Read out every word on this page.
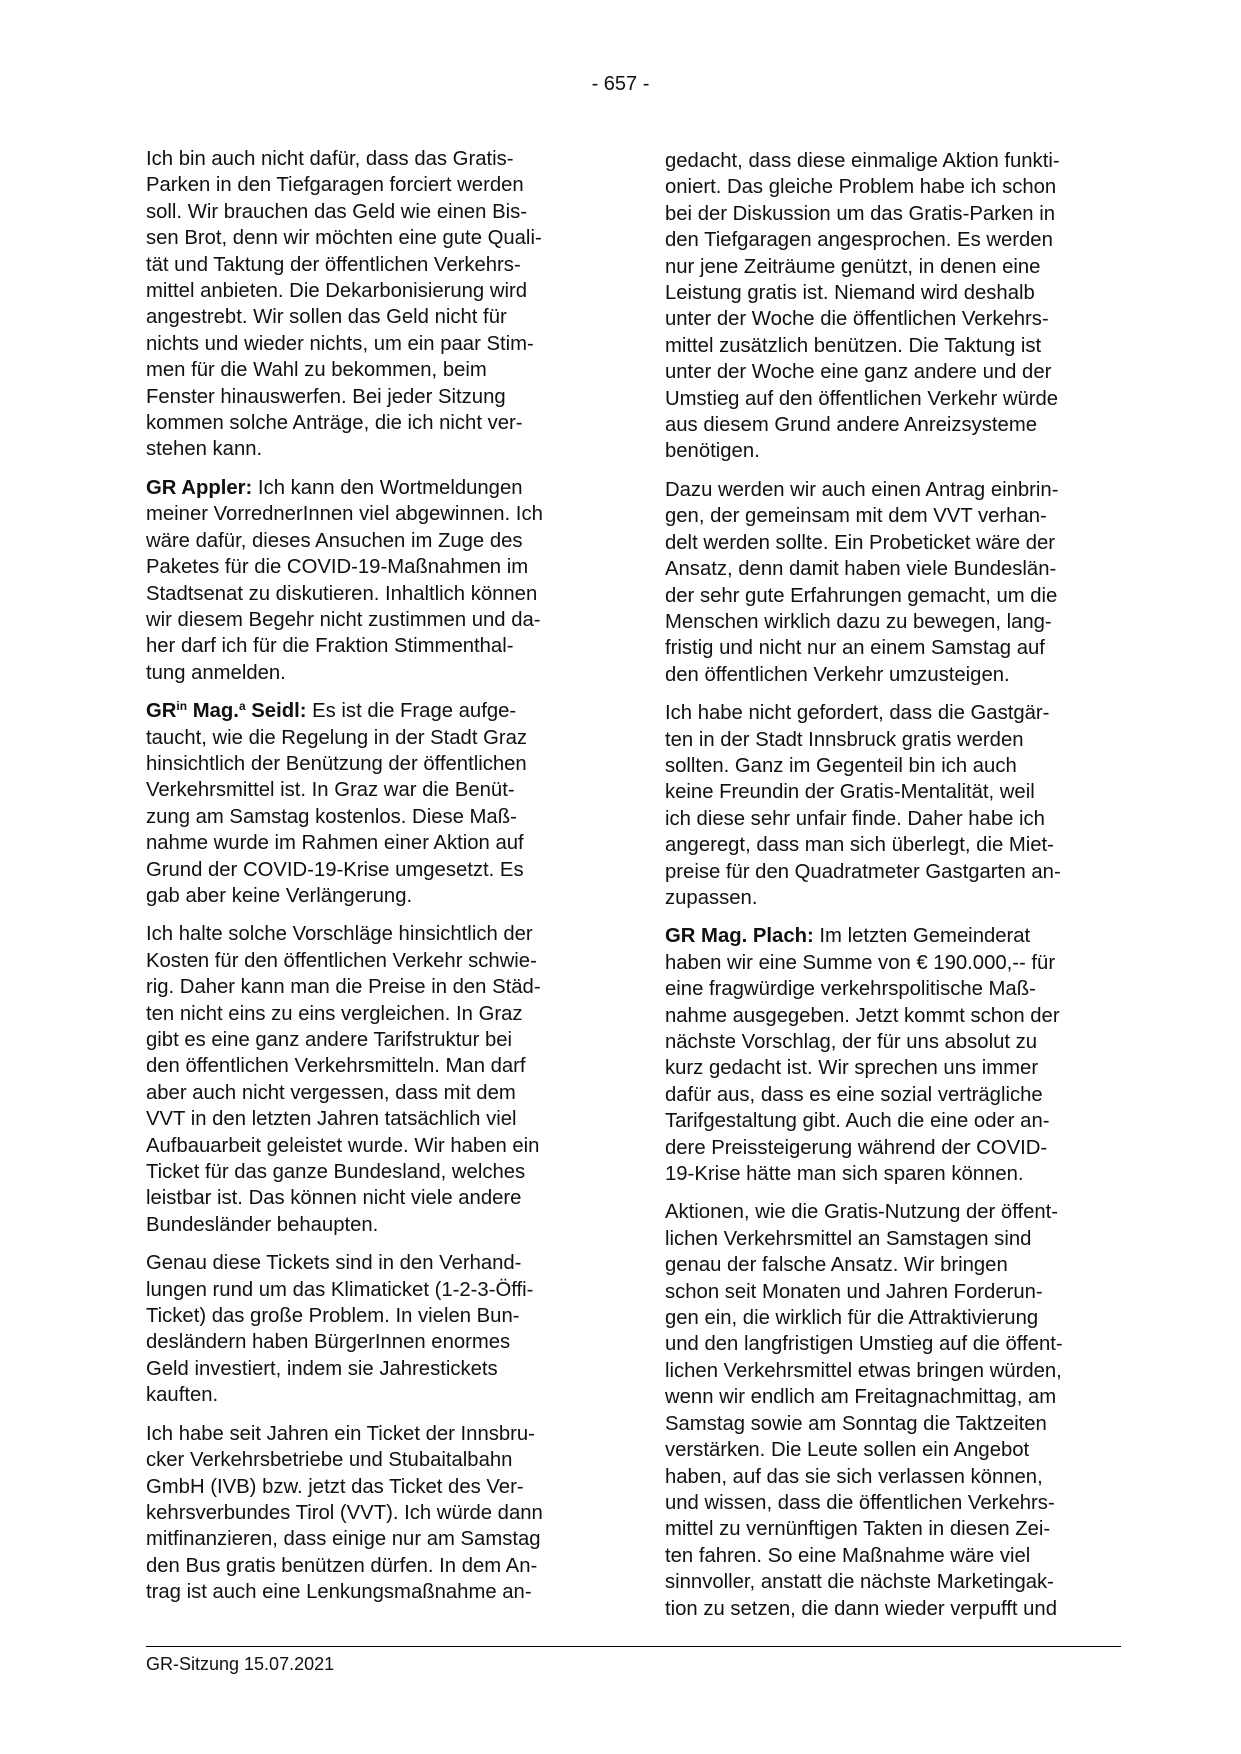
- 657 -
Ich bin auch nicht dafür, dass das Gratis-
Parken in den Tiefgaragen forciert werden
soll. Wir brauchen das Geld wie einen Bis-
sen Brot, denn wir möchten eine gute Quali-
tät und Taktung der öffentlichen Verkehrs-
mittel anbieten. Die Dekarbonisierung wird
angestrebt. Wir sollen das Geld nicht für
nichts und wieder nichts, um ein paar Stim-
men für die Wahl zu bekommen, beim
Fenster hinauswerfen. Bei jeder Sitzung
kommen solche Anträge, die ich nicht ver-
stehen kann.
GR Appler: Ich kann den Wortmeldungen
meiner VorrednerInnen viel abgewinnen. Ich
wäre dafür, dieses Ansuchen im Zuge des
Paketes für die COVID-19-Maßnahmen im
Stadtsenat zu diskutieren. Inhaltlich können
wir diesem Begehr nicht zustimmen und da-
her darf ich für die Fraktion Stimmenthal-
tung anmelden.
$GR^{in}$ Mag.$^a$ Seidl: Es ist die Frage aufge-
taucht, wie die Regelung in der Stadt Graz
hinsichtlich der Benützung der öffentlichen
Verkehrsmittel ist. In Graz war die Benüt-
zung am Samstag kostenlos. Diese Maß-
nahme wurde im Rahmen einer Aktion auf
Grund der COVID-19-Krise umgesetzt. Es
gab aber keine Verlängerung.
Ich halte solche Vorschläge hinsichtlich der
Kosten für den öffentlichen Verkehr schwie-
rig. Daher kann man die Preise in den Städ-
ten nicht eins zu eins vergleichen. In Graz
gibt es eine ganz andere Tarifstruktur bei
den öffentlichen Verkehrsmitteln. Man darf
aber auch nicht vergessen, dass mit dem
VVT in den letzten Jahren tatsächlich viel
Aufbauarbeit geleistet wurde. Wir haben ein
Ticket für das ganze Bundesland, welches
leistbar ist. Das können nicht viele andere
Bundesländer behaupten.
Genau diese Tickets sind in den Verhand-
lungen rund um das Klimaticket (1-2-3-Öffi-
Ticket) das große Problem. In vielen Bun-
desländern haben BürgerInnen enormes
Geld investiert, indem sie Jahrestickets
kauften.
Ich habe seit Jahren ein Ticket der Innsbru-
cker Verkehrsbetriebe und Stubaitalbahn
GmbH (IVB) bzw. jetzt das Ticket des Ver-
kehrsverbundes Tirol (VVT). Ich würde dann
mitfinanzieren, dass einige nur am Samstag
den Bus gratis benützen dürfen. In dem An-
trag ist auch eine Lenkungsmaßnahme an-
gedacht, dass diese einmalige Aktion funkti-
oniert. Das gleiche Problem habe ich schon
bei der Diskussion um das Gratis-Parken in
den Tiefgaragen angesprochen. Es werden
nur jene Zeiträume genützt, in denen eine
Leistung gratis ist. Niemand wird deshalb
unter der Woche die öffentlichen Verkehrs-
mittel zusätzlich benützen. Die Taktung ist
unter der Woche eine ganz andere und der
Umstieg auf den öffentlichen Verkehr würde
aus diesem Grund andere Anreizsysteme
benötigen.
Dazu werden wir auch einen Antrag einbrin-
gen, der gemeinsam mit dem VVT verhan-
delt werden sollte. Ein Probeticket wäre der
Ansatz, denn damit haben viele Bundeslän-
der sehr gute Erfahrungen gemacht, um die
Menschen wirklich dazu zu bewegen, lang-
fristig und nicht nur an einem Samstag auf
den öffentlichen Verkehr umzusteigen.
Ich habe nicht gefordert, dass die Gastgär-
ten in der Stadt Innsbruck gratis werden
sollten. Ganz im Gegenteil bin ich auch
keine Freundin der Gratis-Mentalität, weil
ich diese sehr unfair finde. Daher habe ich
angeregt, dass man sich überlegt, die Miet-
preise für den Quadratmeter Gastgarten an-
zupassen.
GR Mag. Plach: Im letzten Gemeinderat
haben wir eine Summe von € 190.000,-- für
eine fragwürdige verkehrspolitische Maß-
nahme ausgegeben. Jetzt kommt schon der
nächste Vorschlag, der für uns absolut zu
kurz gedacht ist. Wir sprechen uns immer
dafür aus, dass es eine sozial verträgliche
Tarifgestaltung gibt. Auch die eine oder an-
dere Preissteigerung während der COVID-
19-Krise hätte man sich sparen können.
Aktionen, wie die Gratis-Nutzung der öffent-
lichen Verkehrsmittel an Samstagen sind
genau der falsche Ansatz. Wir bringen
schon seit Monaten und Jahren Forderun-
gen ein, die wirklich für die Attraktivierung
und den langfristigen Umstieg auf die öffent-
lichen Verkehrsmittel etwas bringen würden,
wenn wir endlich am Freitagnachmittag, am
Samstag sowie am Sonntag die Taktzeiten
verstärken. Die Leute sollen ein Angebot
haben, auf das sie sich verlassen können,
und wissen, dass die öffentlichen Verkehrs-
mittel zu vernünftigen Takten in diesen Zei-
ten fahren. So eine Maßnahme wäre viel
sinnvoller, anstatt die nächste Marketingak-
tion zu setzen, die dann wieder verpufft und
GR-Sitzung 15.07.2021
